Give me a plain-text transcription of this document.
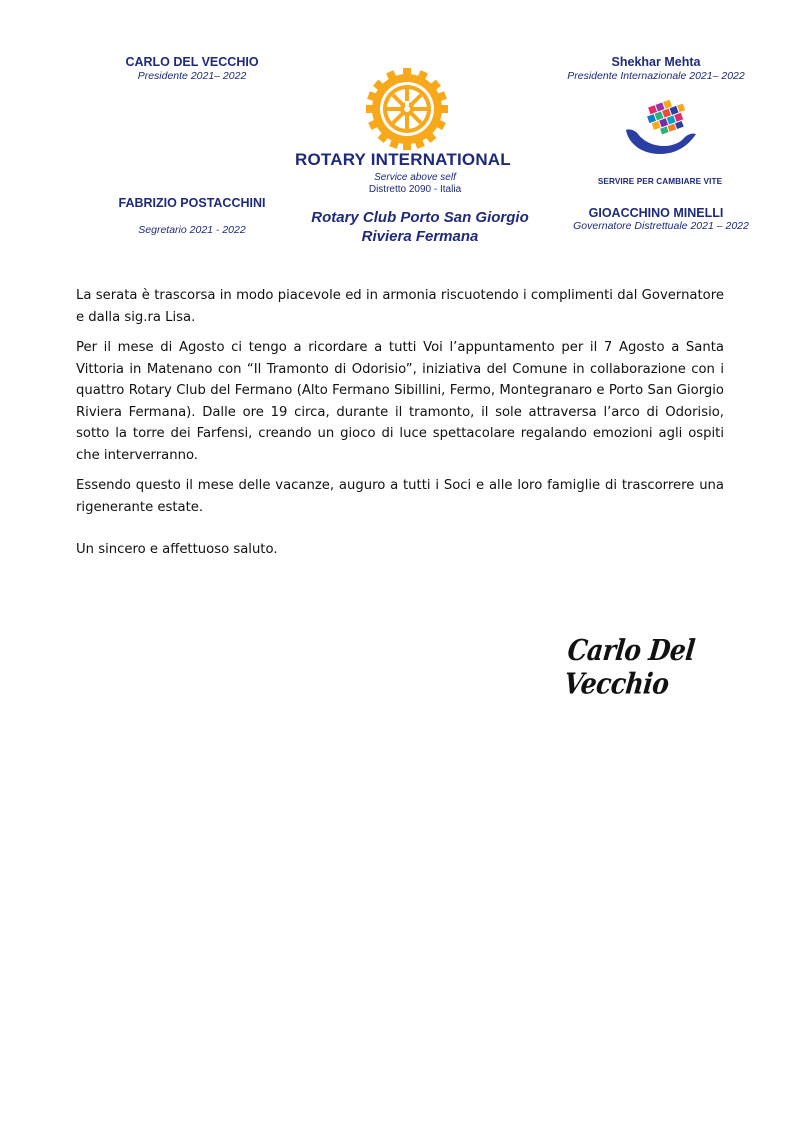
CARLO DEL VECCHIO
Presidente 2021– 2022
FABRIZIO POSTACCHINI
Segretario 2021 - 2022
ROTARY INTERNATIONAL
Service above self
Distretto 2090 - Italia
Rotary Club Porto San Giorgio
Riviera Fermana
Shekhar Mehta
Presidente Internazionale 2021– 2022
SERVIRE PER CAMBIARE VITE
GIOACCHINO MINELLI
Governatore Distrettuale 2021 – 2022

La serata è trascorsa in modo piacevole ed in armonia riscuotendo i complimenti dal Governatore e dalla sig.ra Lisa.

Per il mese di Agosto ci tengo a ricordare a tutti Voi l’appuntamento per il 7 Agosto a Santa Vittoria in Matenano con “Il Tramonto di Odorisio”, iniziativa del Comune in collaborazione con i quattro Rotary Club del Fermano (Alto Fermano Sibillini, Fermo, Montegranaro e Porto San Giorgio Riviera Fermana). Dalle ore 19 circa, durante il tramonto, il sole attraversa l’arco di Odorisio, sotto la torre dei Farfensi, creando un gioco di luce spettacolare regalando emozioni agli ospiti che interverranno.

Essendo questo il mese delle vacanze, auguro a tutti i Soci e alle loro famiglie di trascorrere una rigenerante estate.

Un sincero e affettuoso saluto.
Carlo Del Vecchio
